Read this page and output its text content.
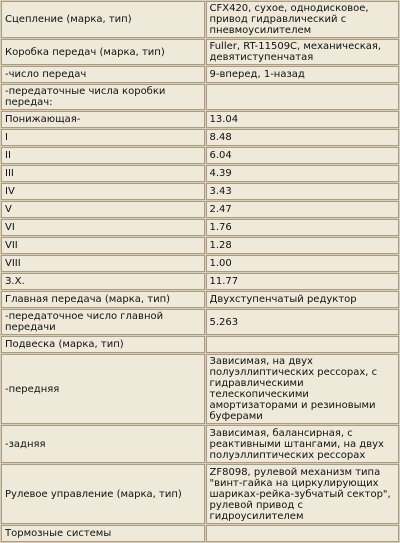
Сцепление (марка, тип)	CFX420, сухое, однодисковое, привод гидравлический с пневмоусилителем
Коробка передач (марка, тип)	Fuller, RT-11509C, механическая, девятиступенчатая
-число передач	9-вперед, 1-назад
-передаточные числа коробки передач:	
Понижающая-	13.04
I	8.48
II	6.04
III	4.39
IV	3.43
V	2.47
VI	1.76
VII	1.28
VIII	1.00
З.Х.	11.77
Главная передача (марка, тип)	Двухступенчатый редуктор
-передаточное число главной передачи	5.263
Подвеска (марка, тип)	
-передняя	Зависимая, на двух полуэллиптических рессорах, с гидравлическими телескопическими амортизаторами и резиновыми буферами
-задняя	Зависимая, балансирная, с реактивными штангами, на двух полуэллиптических рессорах
Рулевое управление (марка, тип)	ZF8098, рулевой механизм типа "винт-гайка на циркулирующих шариках-рейка-зубчатый сектор", рулевой привод с гидроусилителем
Тормозные системы	
